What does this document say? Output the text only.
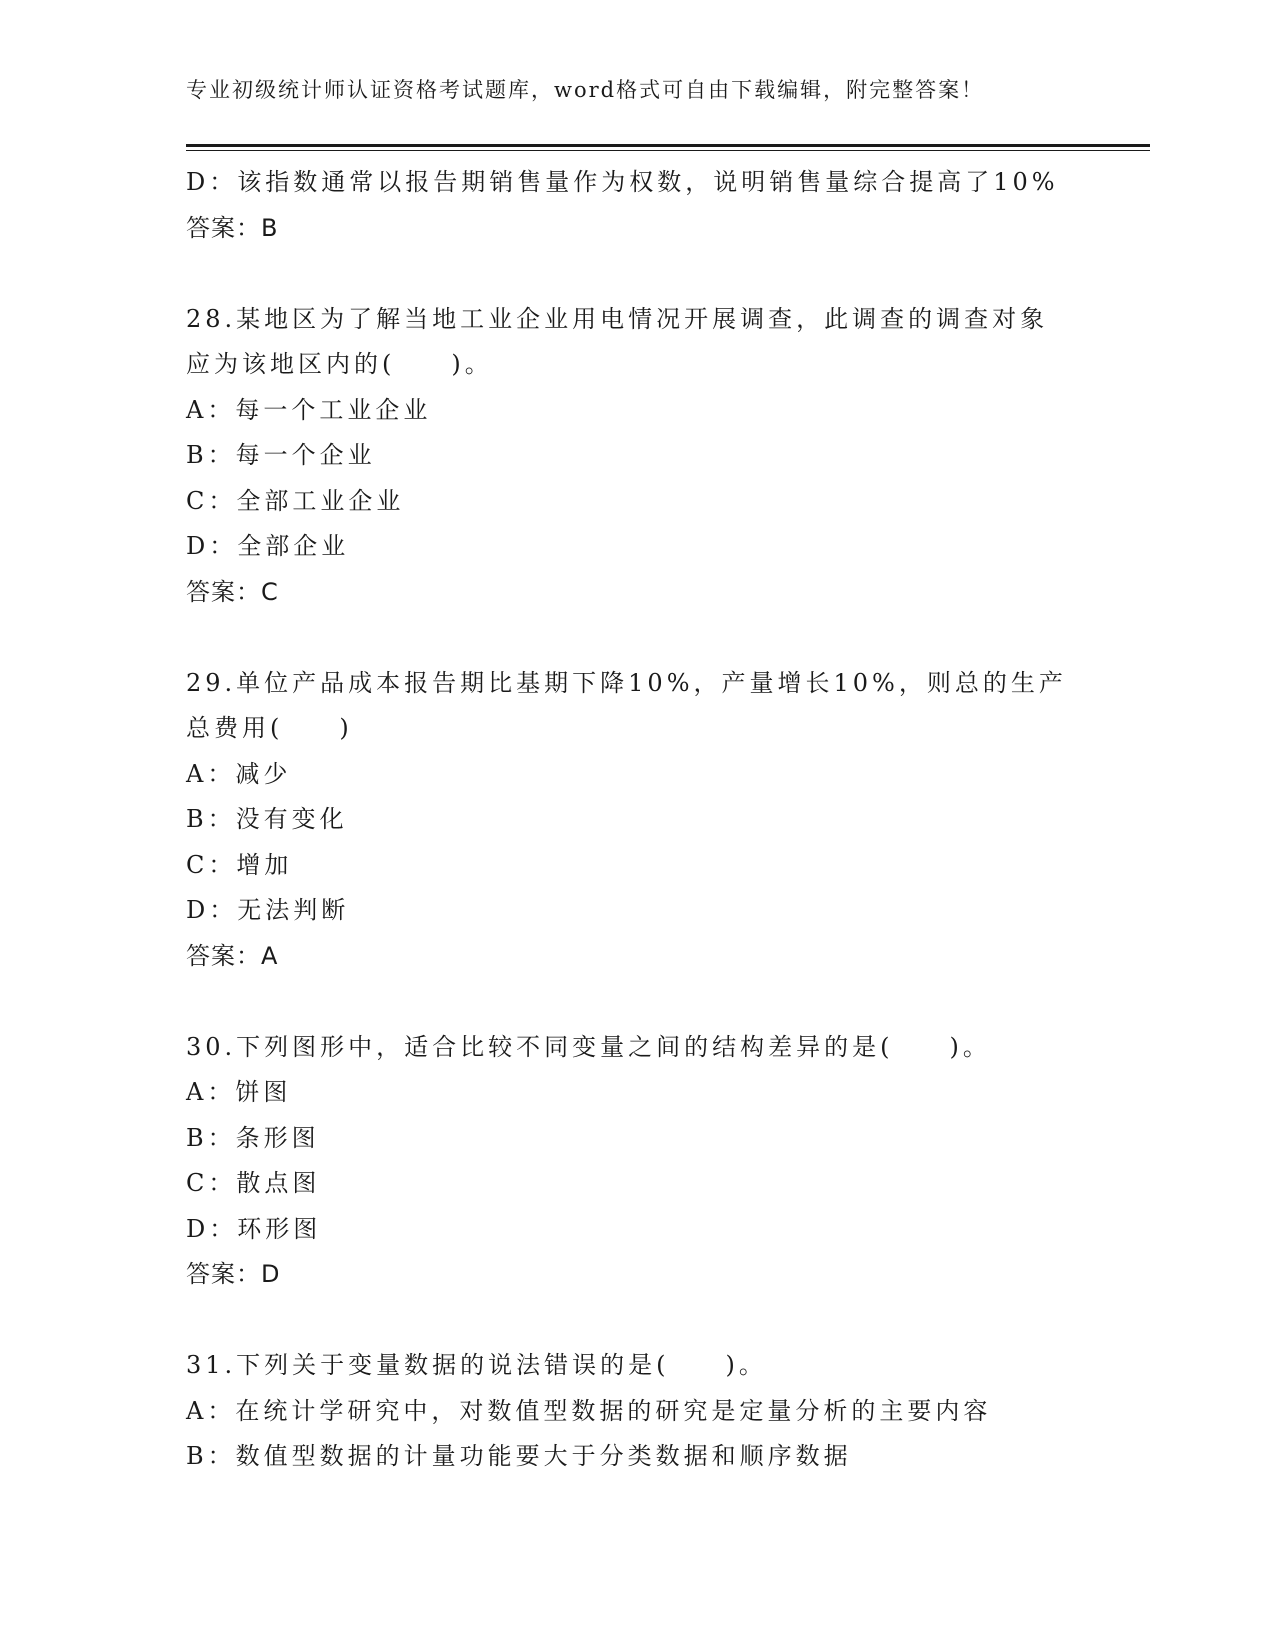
专业初级统计师认证资格考试题库，word格式可自由下载编辑，附完整答案！
D：该指数通常以报告期销售量作为权数，说明销售量综合提高了10%
答案：B
28.某地区为了解当地工业企业用电情况开展调查，此调查的调查对象
应为该地区内的(　　)。
A：每一个工业企业
B：每一个企业
C：全部工业企业
D：全部企业
答案：C
29.单位产品成本报告期比基期下降10%，产量增长10%，则总的生产
总费用(　　)
A：减少
B：没有变化
C：增加
D：无法判断
答案：A
30.下列图形中，适合比较不同变量之间的结构差异的是(　　)。
A：饼图
B：条形图
C：散点图
D：环形图
答案：D
31.下列关于变量数据的说法错误的是(　　)。
A：在统计学研究中，对数值型数据的研究是定量分析的主要内容
B：数值型数据的计量功能要大于分类数据和顺序数据
